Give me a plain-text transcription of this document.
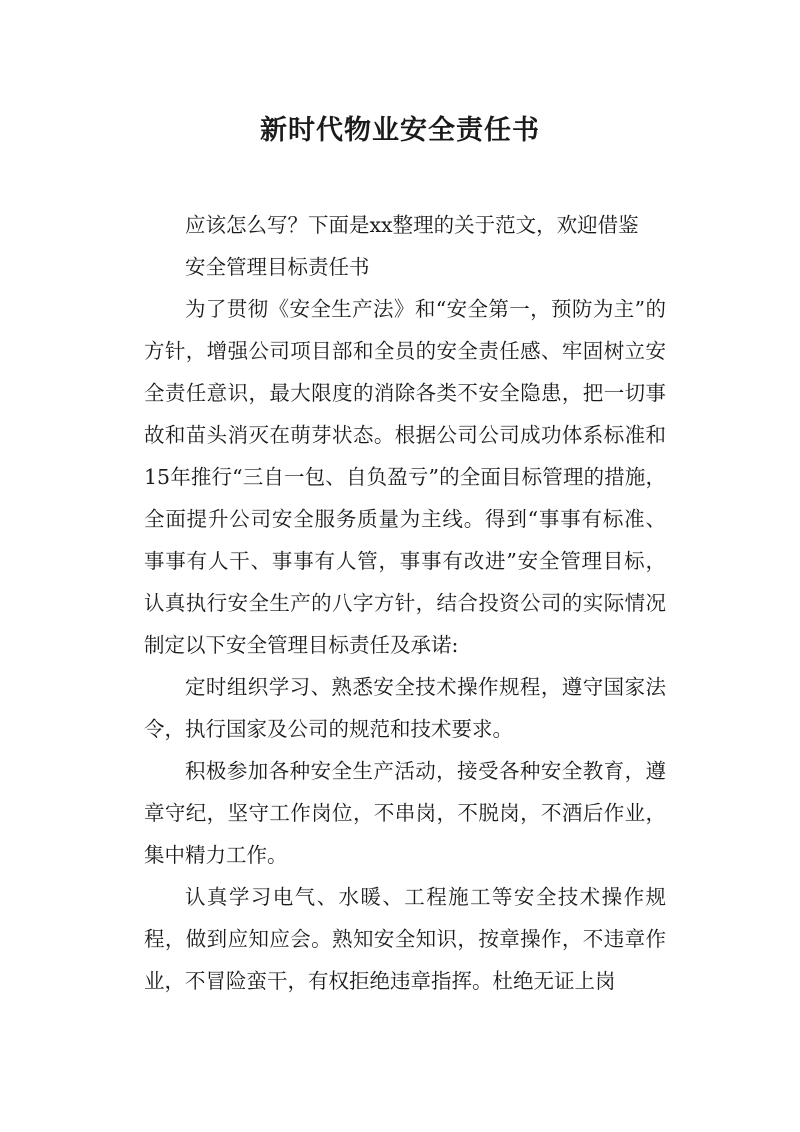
新时代物业安全责任书

应该怎么写？下面是xx整理的关于范文，欢迎借鉴

安全管理目标责任书

为了贯彻《安全生产法》和“安全第一，预防为主”的方针，增强公司项目部和全员的安全责任感、牢固树立安全责任意识，最大限度的消除各类不安全隐患，把一切事故和苗头消灭在萌芽状态。根据公司公司成功体系标准和15年推行“三自一包、自负盈亏”的全面目标管理的措施，全面提升公司安全服务质量为主线。得到“事事有标准、事事有人干、事事有人管，事事有改进”安全管理目标，认真执行安全生产的八字方针，结合投资公司的实际情况制定以下安全管理目标责任及承诺:

定时组织学习、熟悉安全技术操作规程，遵守国家法令，执行国家及公司的规范和技术要求。

积极参加各种安全生产活动，接受各种安全教育，遵章守纪，坚守工作岗位，不串岗，不脱岗，不酒后作业，集中精力工作。

认真学习电气、水暖、工程施工等安全技术操作规程，做到应知应会。熟知安全知识，按章操作，不违章作业，不冒险蛮干，有权拒绝违章指挥。杜绝无证上岗
